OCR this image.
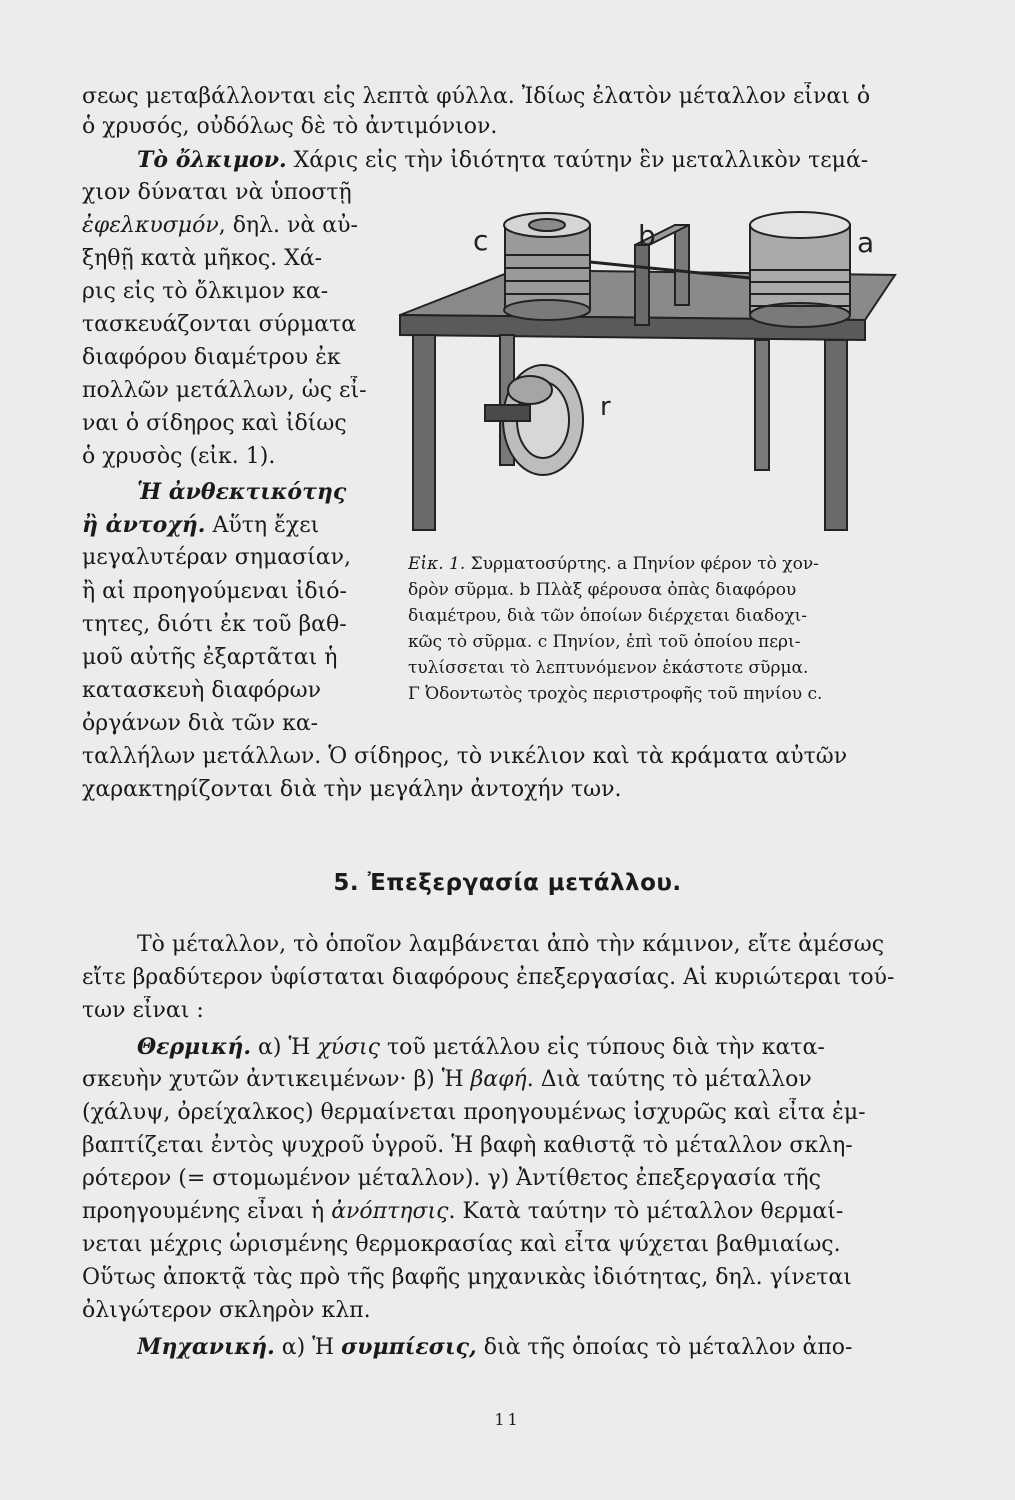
σεως μεταβάλλονται εἰς λεπτὰ φύλλα. Ἰδίως ἐλατὸν μέταλλον εἶναι ὁ
ὁ χρυσός, οὐδόλως δὲ τὸ ἀντιμόνιον.
Τὸ ὄλκιμον. Χάρις εἰς τὴν ἰδιότητα ταύτην ἓν μεταλλικὸν τεμά-
χιον δύναται νὰ ὑποστῇ
ἐφελκυσμόν, δηλ. νὰ αὐ-
ξηθῇ κατὰ μῆκος. Χά-
ρις εἰς τὸ ὄλκιμον κα-
τασκευάζονται σύρματα
διαφόρου διαμέτρου ἐκ
πολλῶν μετάλλων, ὡς εἶ-
ναι ὁ σίδηρος καὶ ἰδίως
ὁ χρυσὸς (εἰκ. 1).
Ἡ ἀνθεκτικότης
ἢ ἀντοχή. Αὕτη ἔχει
μεγαλυτέραν σημασίαν,
ἢ αἱ προηγούμεναι ἰδιό-
τητες, διότι ἐκ τοῦ βαθ-
μοῦ αὐτῆς ἐξαρτᾶται ἡ
κατασκευὴ διαφόρων
ὀργάνων διὰ τῶν κα-
ταλλήλων μετάλλων. Ὁ σίδηρος, τὸ νικέλιον καὶ τὰ κράματα αὐτῶν
χαρακτηρίζονται διὰ τὴν μεγάλην ἀντοχήν των.
c	b	a
r
Εἰκ. 1. Συρματοσύρτης. a Πηνίον φέρον τὸ χον-
δρὸν σῦρμα. b Πλὰξ φέρουσα ὀπὰς διαφόρου
διαμέτρου, διὰ τῶν ὁποίων διέρχεται διαδοχι-
κῶς τὸ σῦρμα. c Πηνίον, ἐπὶ τοῦ ὁποίου περι-
τυλίσσεται τὸ λεπτυνόμενον ἑκάστοτε σῦρμα.
Γ Ὀδοντωτὸς τροχὸς περιστροφῆς τοῦ πηνίου c.
5. Ἐπεξεργασία μετάλλου.
Τὸ μέταλλον, τὸ ὁποῖον λαμβάνεται ἀπὸ τὴν κάμινον, εἴτε ἀμέσως
εἴτε βραδύτερον ὑφίσταται διαφόρους ἐπεξεργασίας. Αἱ κυριώτεραι τού-
των εἶναι :
Θερμική. α) Ἡ χύσις τοῦ μετάλλου εἰς τύπους διὰ τὴν κατα-
σκευὴν χυτῶν ἀντικειμένων· β) Ἡ βαφή. Διὰ ταύτης τὸ μέταλλον
(χάλυψ, ὀρείχαλκος) θερμαίνεται προηγουμένως ἰσχυρῶς καὶ εἶτα ἐμ-
βαπτίζεται ἐντὸς ψυχροῦ ὑγροῦ. Ἡ βαφὴ καθιστᾷ τὸ μέταλλον σκλη-
ρότερον (= στομωμένον μέταλλον). γ) Ἀντίθετος ἐπεξεργασία τῆς
προηγουμένης εἶναι ἡ ἀνόπτησις. Κατὰ ταύτην τὸ μέταλλον θερμαί-
νεται μέχρις ὡρισμένης θερμοκρασίας καὶ εἶτα ψύχεται βαθμιαίως.
Οὕτως ἀποκτᾷ τὰς πρὸ τῆς βαφῆς μηχανικὰς ἰδιότητας, δηλ. γίνεται
ὀλιγώτερον σκληρὸν κλπ.
Μηχανική. α) Ἡ συμπίεσις, διὰ τῆς ὁποίας τὸ μέταλλον ἀπο-
11
